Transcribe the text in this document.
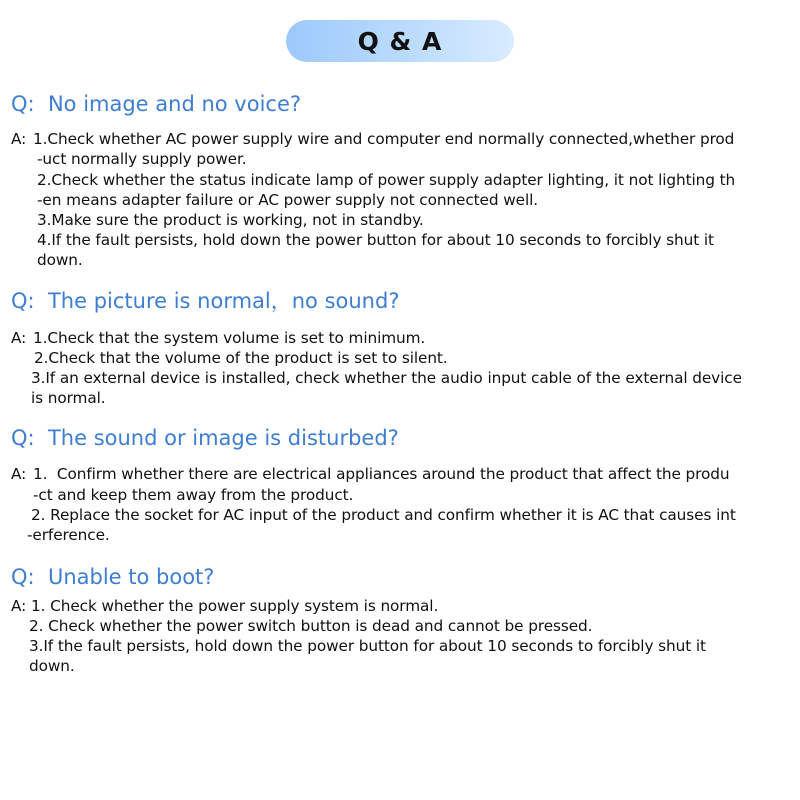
Q & A
Q:  No image and no voice?
A: 1.Check whether AC power supply wire and computer end normally connected,whether prod
-uct normally supply power.
2.Check whether the status indicate lamp of power supply adapter lighting, it not lighting th
-en means adapter failure or AC power supply not connected well.
3.Make sure the product is working, not in standby.
4.If the fault persists, hold down the power button for about 10 seconds to forcibly shut it
down.
Q:  The picture is normal，no sound?
A: 1.Check that the system volume is set to minimum.
2.Check that the volume of the product is set to silent.
3.If an external device is installed, check whether the audio input cable of the external device
is normal.
Q:  The sound or image is disturbed?
A: 1.  Confirm whether there are electrical appliances around the product that affect the produ
-ct and keep them away from the product.
2. Replace the socket for AC input of the product and confirm whether it is AC that causes int
-erference.
Q:  Unable to boot?
A: 1. Check whether the power supply system is normal.
2. Check whether the power switch button is dead and cannot be pressed.
3.If the fault persists, hold down the power button for about 10 seconds to forcibly shut it
down.
